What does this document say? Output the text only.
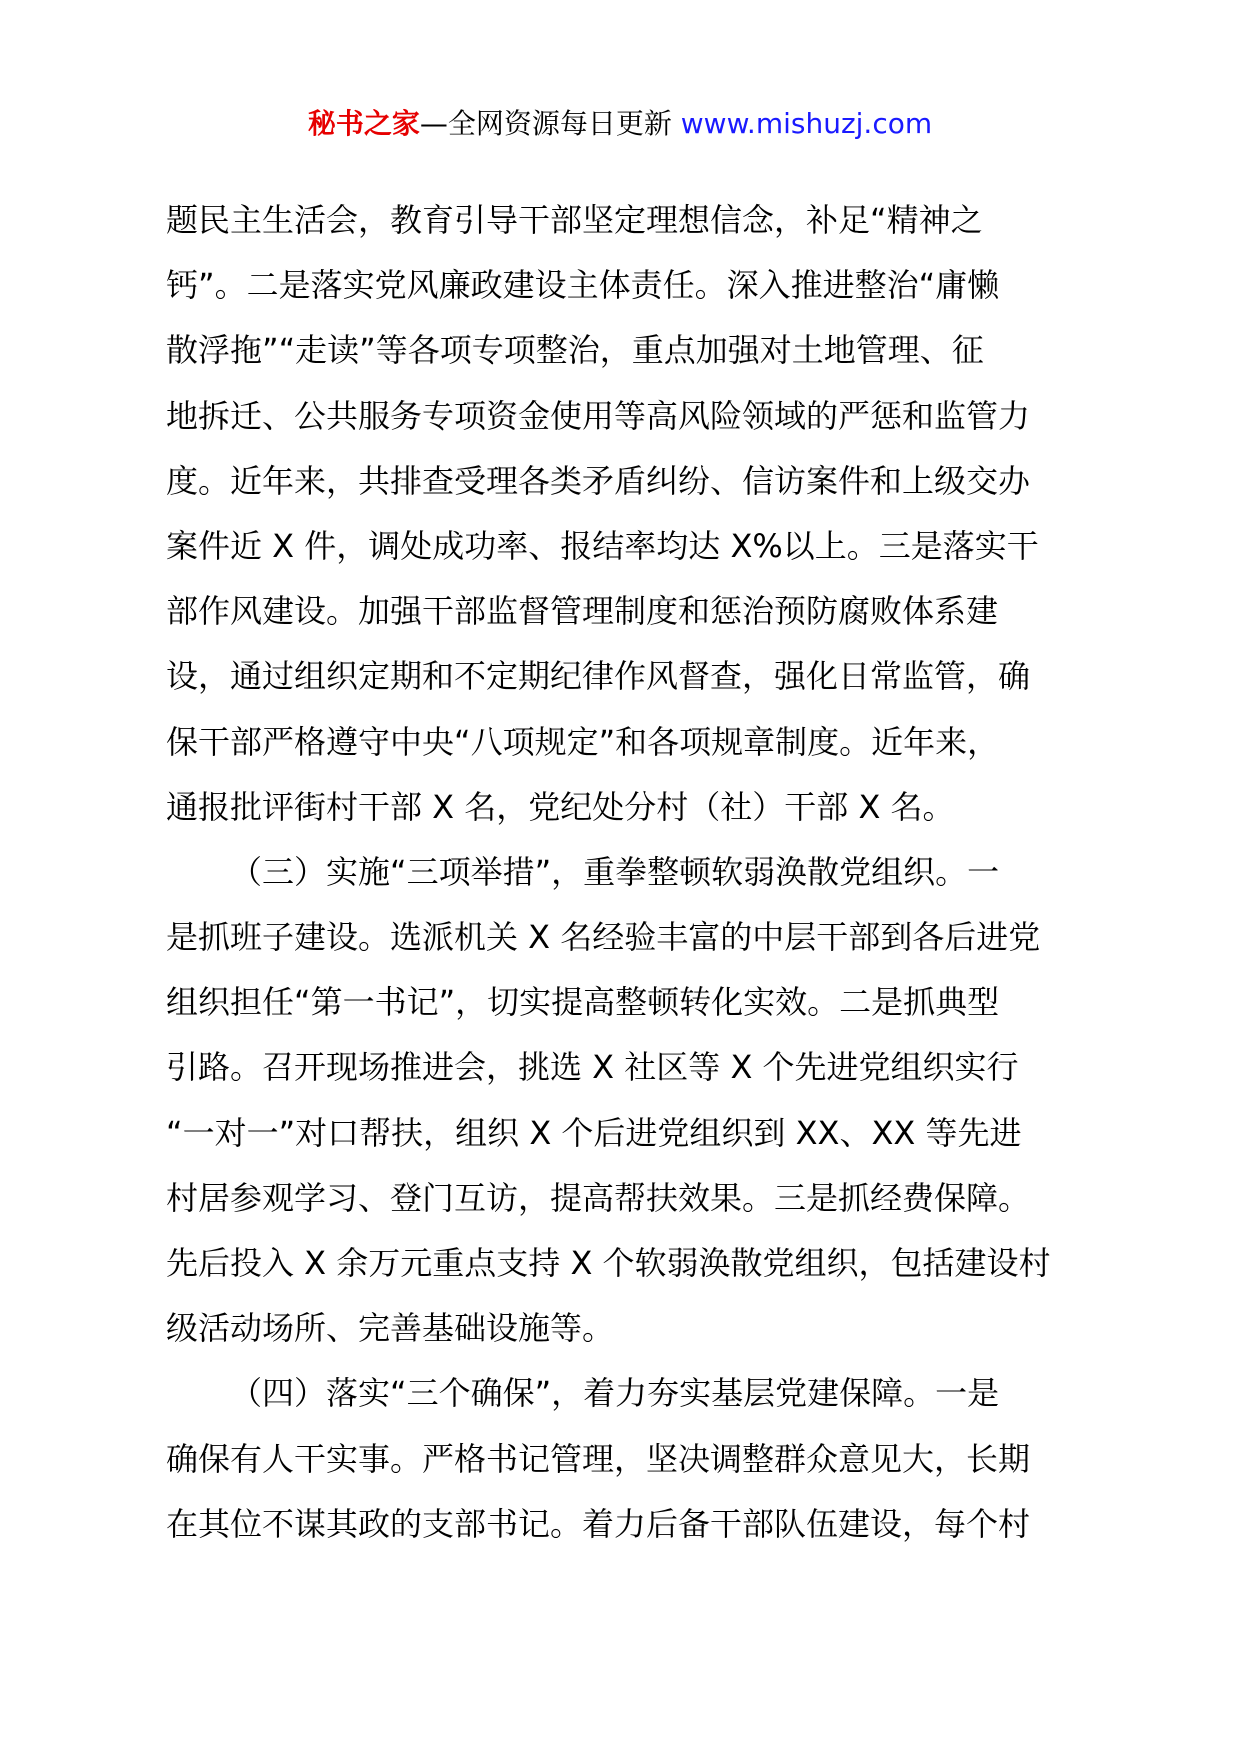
秘书之家—全网资源每日更新 www.mishuzj.com
题民主生活会，教育引导干部坚定理想信念，补足“精神之
钙”。二是落实党风廉政建设主体责任。深入推进整治“庸懒
散浮拖”“走读”等各项专项整治，重点加强对土地管理、征
地拆迁、公共服务专项资金使用等高风险领域的严惩和监管力
度。近年来，共排查受理各类矛盾纠纷、信访案件和上级交办
案件近 X 件，调处成功率、报结率均达 X%以上。三是落实干
部作风建设。加强干部监督管理制度和惩治预防腐败体系建
设，通过组织定期和不定期纪律作风督查，强化日常监管，确
保干部严格遵守中央“八项规定”和各项规章制度。近年来，
通报批评街村干部 X 名，党纪处分村（社）干部 X 名。
（三）实施“三项举措”，重拳整顿软弱涣散党组织。一
是抓班子建设。选派机关 X 名经验丰富的中层干部到各后进党
组织担任“第一书记”，切实提高整顿转化实效。二是抓典型
引路。召开现场推进会，挑选 X 社区等 X 个先进党组织实行
“一对一”对口帮扶，组织 X 个后进党组织到 XX、XX 等先进
村居参观学习、登门互访，提高帮扶效果。三是抓经费保障。
先后投入 X 余万元重点支持 X 个软弱涣散党组织，包括建设村
级活动场所、完善基础设施等。
（四）落实“三个确保”，着力夯实基层党建保障。一是
确保有人干实事。严格书记管理，坚决调整群众意见大，长期
在其位不谋其政的支部书记。着力后备干部队伍建设，每个村
